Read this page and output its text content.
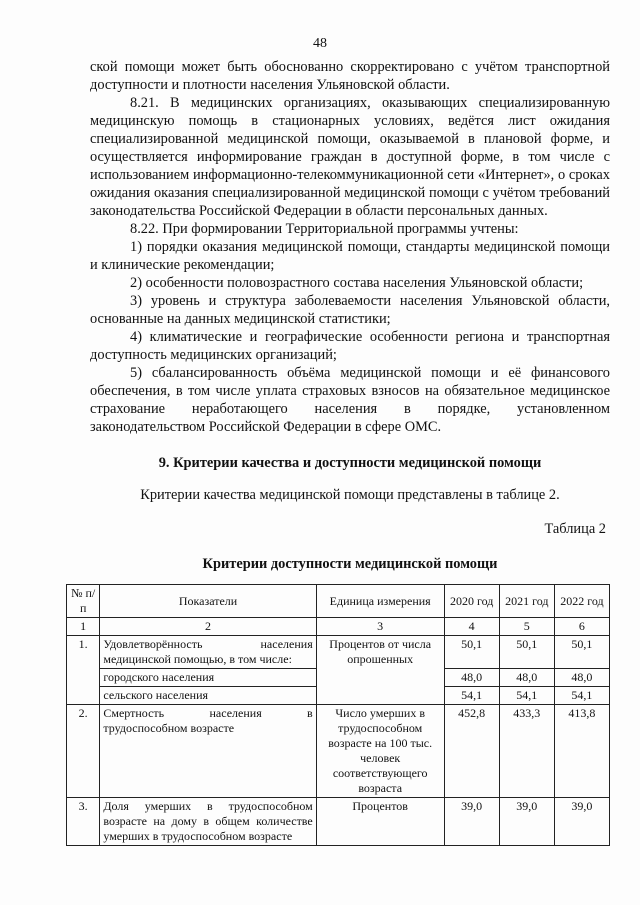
48

ской помощи может быть обоснованно скорректировано с учётом транспортной доступности и плотности населения Ульяновской области.

8.21. В медицинских организациях, оказывающих специализированную медицинскую помощь в стационарных условиях, ведётся лист ожидания специализированной медицинской помощи, оказываемой в плановой форме, и осуществляется информирование граждан в доступной форме, в том числе с использованием информационно-телекоммуникационной сети «Интернет», о сроках ожидания оказания специализированной медицинской помощи с учётом требований законодательства Российской Федерации в области персональных данных.

8.22. При формировании Территориальной программы учтены:

1) порядки оказания медицинской помощи, стандарты медицинской помощи и клинические рекомендации;

2) особенности половозрастного состава населения Ульяновской области;

3) уровень и структура заболеваемости населения Ульяновской области, основанные на данных медицинской статистики;

4) климатические и географические особенности региона и транспортная доступность медицинских организаций;

5) сбалансированность объёма медицинской помощи и её финансового обеспечения, в том числе уплата страховых взносов на обязательное медицинское страхование неработающего населения в порядке, установленном законодательством Российской Федерации в сфере ОМС.

9. Критерии качества и доступности медицинской помощи
Критерии качества медицинской помощи представлены в таблице 2.
Таблица 2
Критерии доступности медицинской помощи
№ п/п	Показатели	Единица измерения	2020 год	2021 год	2022 год
1	2	3	4	5	6
1.	Удовлетворённость населения медицинской помощью, в том числе:	Процентов от числа опрошенных	50,1	50,1	50,1
	городского населения		48,0	48,0	48,0
	сельского населения		54,1	54,1	54,1
2.	Смертность населения в трудоспособном возрасте	Число умерших в трудоспособном возрасте на 100 тыс. человек соответствующего возраста	452,8	433,3	413,8
3.	Доля умерших в трудоспособном возрасте на дому в общем количестве умерших в трудоспособном возрасте	Процентов	39,0	39,0	39,0
